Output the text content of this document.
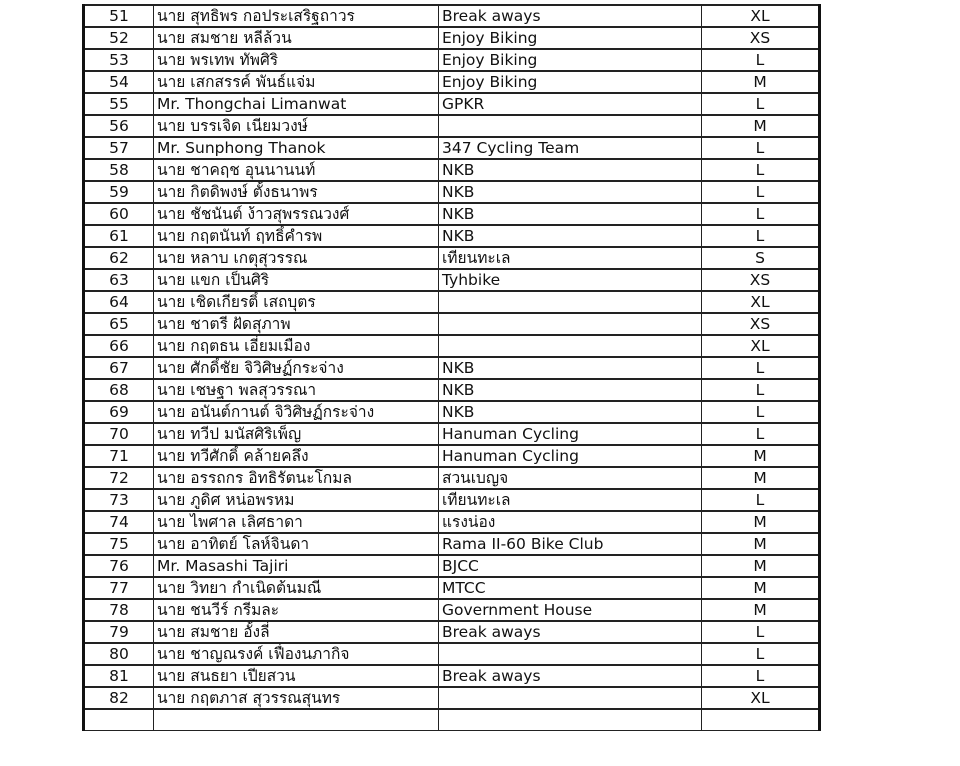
51	นาย สุทธิพร กอประเสริฐถาวร	Break aways	XL
52	นาย สมชาย หลีล้วน	Enjoy Biking	XS
53	นาย พรเทพ ทัพศิริ	Enjoy Biking	L
54	นาย เสกสรรค์ พันธ์แจ่ม	Enjoy Biking	M
55	Mr. Thongchai Limanwat	GPKR	L
56	นาย บรรเจิด เนียมวงษ์		M
57	Mr. Sunphong Thanok	347 Cycling Team	L
58	นาย ชาคฤช อุนนานนท์	NKB	L
59	นาย กิตดิพงษ์ ตั้งธนาพร	NKB	L
60	นาย ชัชนันต์ ง้าวสุพรรณวงศ์	NKB	L
61	นาย กฤตนันท์ ฤทธิ์คำรพ	NKB	L
62	นาย หลาบ เกตุสุวรรณ	เทียนทะเล	S
63	นาย แขก เป็นศิริ	Tyhbike	XS
64	นาย เชิดเกียรติ์ เสถบุตร		XL
65	นาย ชาตรี ฝัดสุภาพ		XS
66	นาย กฤตธน เอี่ยมเมือง		XL
67	นาย ศักดิ์ชัย จิวิศิษฏ์กระจ่าง	NKB	L
68	นาย เชษฐา พลสุวรรณา	NKB	L
69	นาย อนันต์กานต์ จิวิศิษฏ์กระจ่าง	NKB	L
70	นาย ทวีป มนัสศิริเพ็ญ	Hanuman Cycling	L
71	นาย ทวีศักดิ์ คล้ายคลึง	Hanuman Cycling	M
72	นาย อรรถกร อิทธิรัตนะโกมล	สวนเบญจ	M
73	นาย ภูดิศ หน่อพรหม	เทียนทะเล	L
74	นาย ไพศาล เลิศธาดา	แรงน่อง	M
75	นาย อาทิตย์ โลห์จินดา	Rama II-60 Bike Club	M
76	Mr. Masashi Tajiri	BJCC	M
77	นาย วิทยา กำเนิดต้นมณี	MTCC	M
78	นาย ชนวีร์ กรีมละ	Government House	M
79	นาย สมชาย อั้งลี่	Break aways	L
80	นาย ชาญณรงค์ เฟื่องนภากิจ		L
81	นาย สนธยา เปียสวน	Break aways	L
82	นาย กฤตภาส สุวรรณสุนทร		XL
